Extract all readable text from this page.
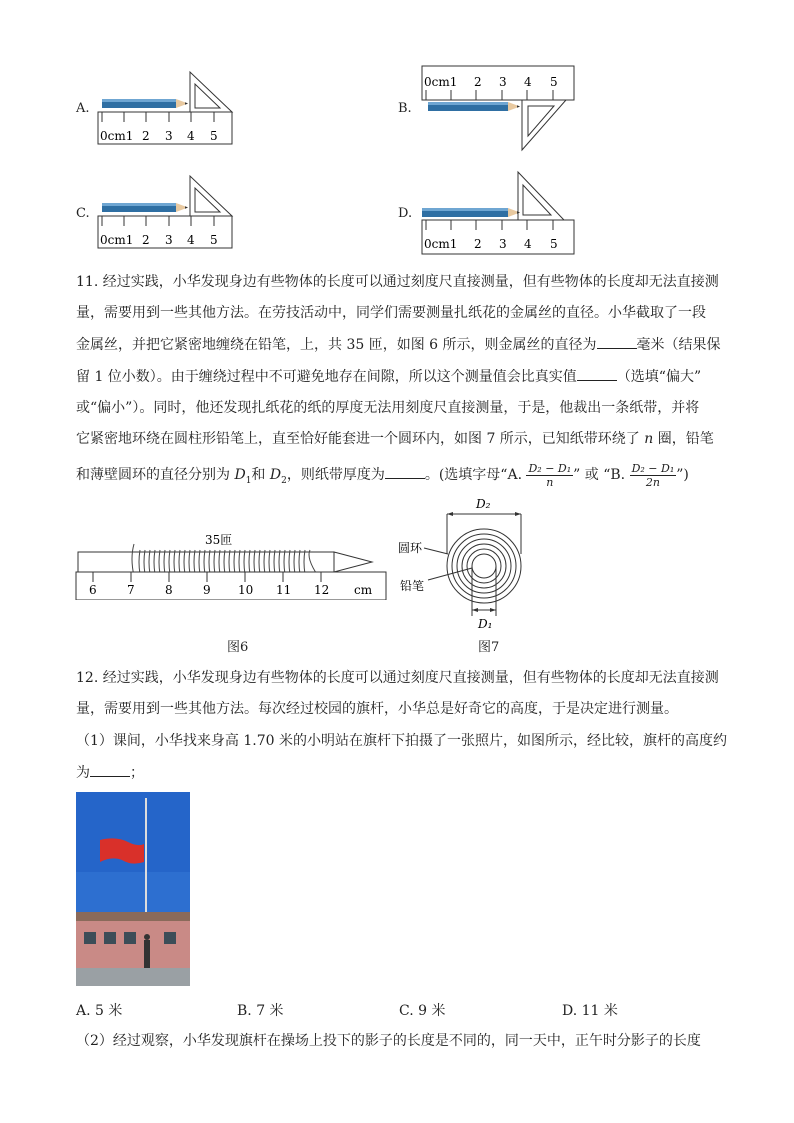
A.
0cm1 2 3 4 5
B.
0cm1 2 3 4 5
C.
0cm1 2 3 4 5
D.
0cm1 2 3 4 5
11. 经过实践，小华发现身边有些物体的长度可以通过刻度尺直接测量，但有些物体的长度却无法直接测
量，需要用到一些其他方法。在劳技活动中，同学们需要测量扎纸花的金属丝的直径。小华截取了一段
金属丝，并把它紧密地缠绕在铅笔，上，共 35 匝，如图 6 所示，则金属丝的直径为	毫米（结果保
留 1 位小数）。由于缠绕过程中不可避免地存在间隙，所以这个测量值会比真实值	（选填“偏大”
或“偏小”）。同时，他还发现扎纸花的纸的厚度无法用刻度尺直接测量，于是，他裁出一条纸带，并将
它紧密地环绕在圆柱形铅笔上，直至恰好能套进一个圆环内，如图 7 所示，已知纸带环绕了 n 圈，铅笔
和薄壁圆环的直径分别为 $D_1$和 $D_2$，则纸带厚度为	。(选填字母“A. $\frac{\text{D₂ − D₁}}{n}$ ” 或 “B. $\frac{\text{D₂ − D₁}}{2n}$ ”)
35匝
6	7	8	9 10 11 12 cm
图6
D₂
D₁
圆环
铅笔
图7
12. 经过实践，小华发现身边有些物体的长度可以通过刻度尺直接测量，但有些物体的长度却无法直接测
量，需要用到一些其他方法。每次经过校园的旗杆，小华总是好奇它的高度，于是决定进行测量。
（1）课间，小华找来身高 1.70 米的小明站在旗杆下拍摄了一张照片，如图所示，经比较，旗杆的高度约
为	；
A. 5 米	B. 7 米	C. 9 米	D. 11 米
（2）经过观察，小华发现旗杆在操场上投下的影子的长度是不同的，同一天中，正午时分影子的长度
